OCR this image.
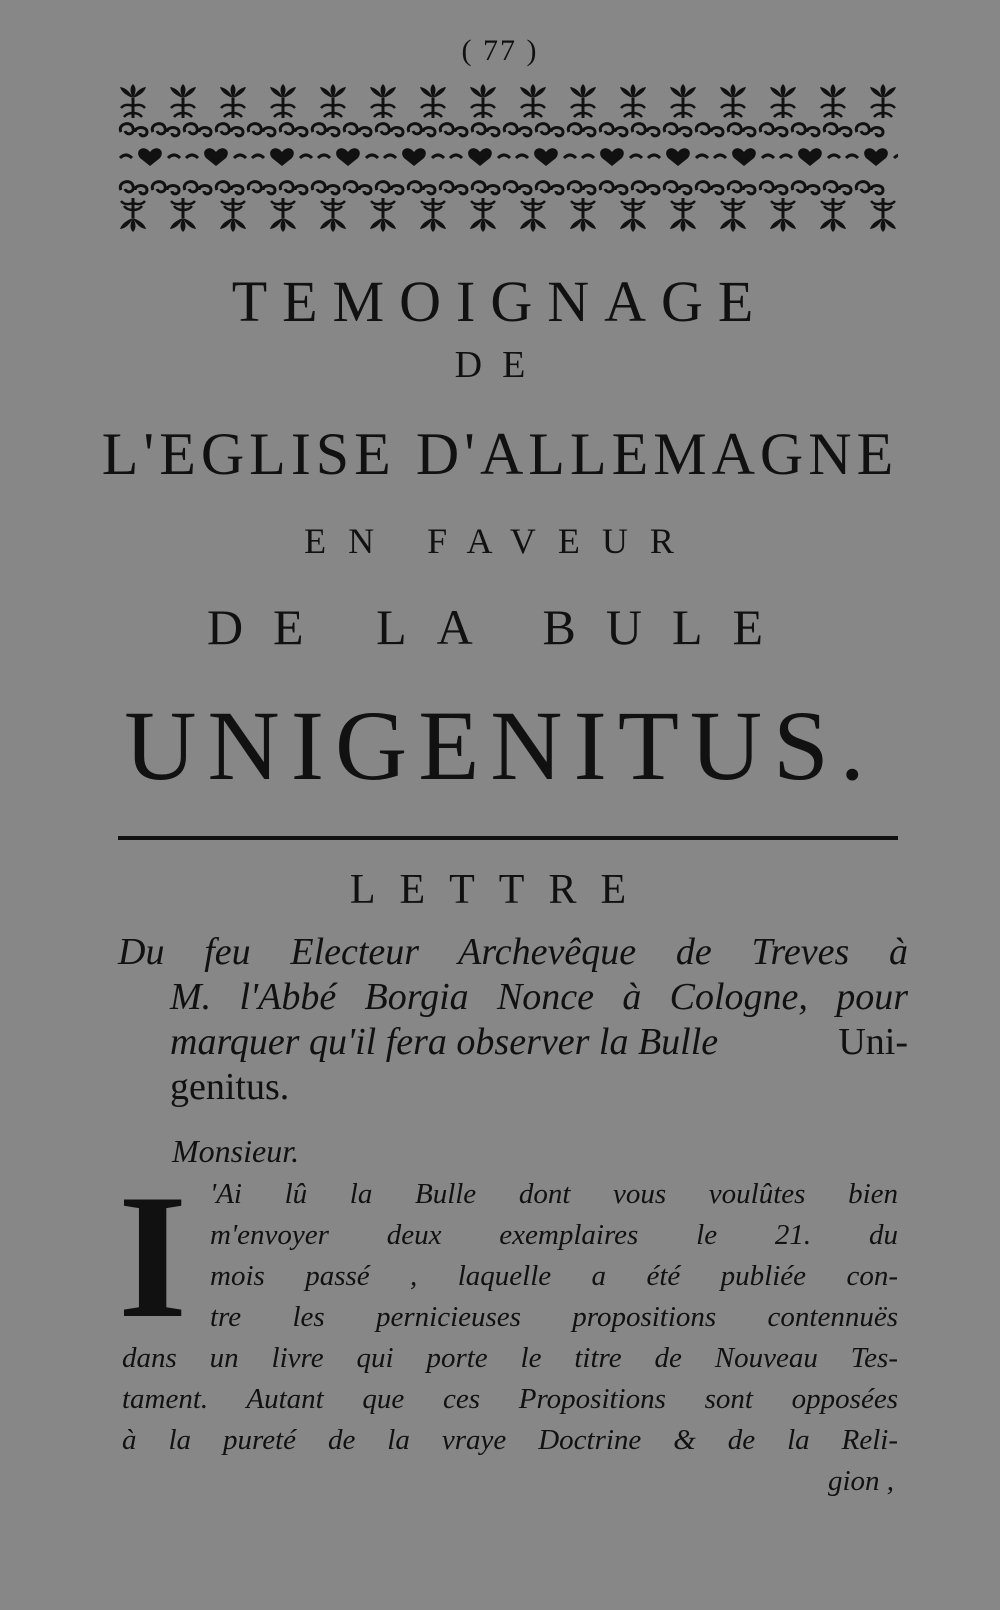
( 77 )
TEMOIGNAGE
DE
L'EGLISE D'ALLEMAGNE
EN FAVEUR
DE LA BULE
UNIGENITUS.
LETTRE
Du feu Electeur Archevêque de Treves à
M. l'Abbé Borgia Nonce à Cologne, pour
marquer qu'il fera observer la Bulle	Uni-
genitus.
Monsieur.
I 'Ai lû la Bulle dont vous voulûtes bien
m'envoyer deux exemplaires le 21. du
mois passé , laquelle a été publiée con-
tre les pernicieuses propositions contennuës
dans un livre qui porte le titre de Nouveau Tes-
tament. Autant que ces Propositions sont opposées
à la pureté de la vraye Doctrine & de la Reli-
gion ,
